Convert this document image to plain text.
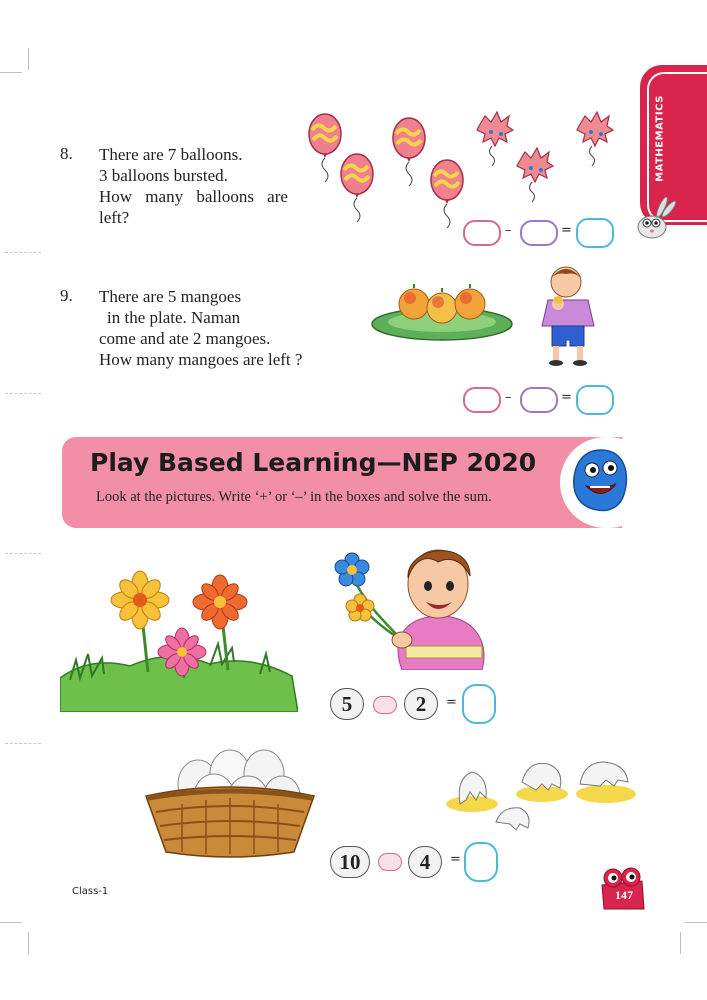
MATHEMATICS
8. There are 7 balloons.
3 balloons bursted.
How many balloons are
left?
–	=
9. There are 5 mangoes
in the plate. Naman
come and ate 2 mangoes.
How many mangoes are left ?
–	=
Play Based Learning—NEP 2020
Look at the pictures. Write ‘+’ or ‘–’ in the boxes and solve the sum.
5	2	=
10	4	=
Class-1	147
